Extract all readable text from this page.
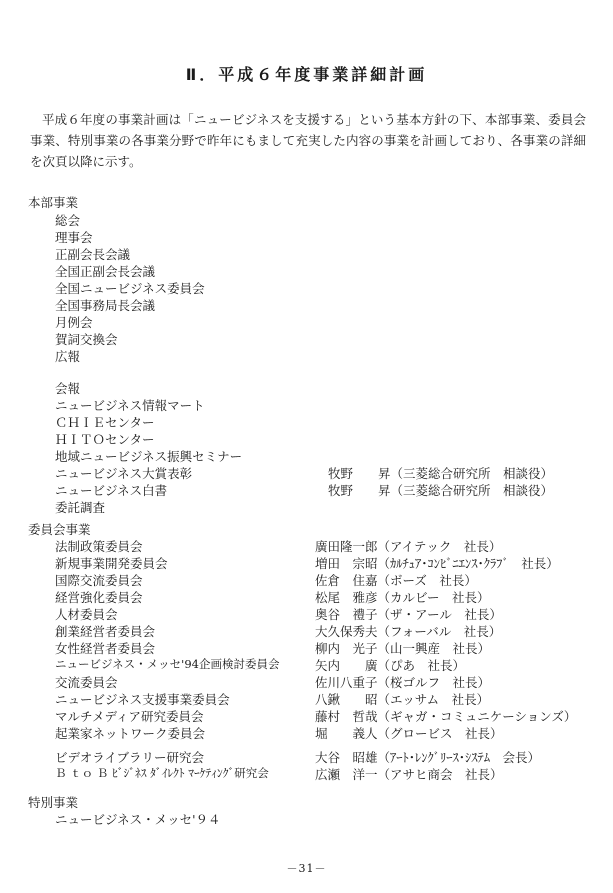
Ⅱ．平成６年度事業詳細計画

平成６年度の事業計画は「ニュービジネスを支援する」という基本方針の下、本部事業、委員会事業、特別事業の各事業分野で昨年にもまして充実した内容の事業を計画しており、各事業の詳細を次頁以降に示す。

本部事業
総会
理事会
正副会長会議
全国正副会長会議
全国ニュービジネス委員会
全国事務局長会議
月例会
賀詞交換会
広報
会報
ニュービジネス情報マート
ＣＨＩＥセンター
ＨＩＴＯセンター
地域ニュービジネス振興セミナー
ニュービジネス大賞表彰	牧野　　昇（三菱総合研究所　相談役）
ニュービジネス白書	牧野　　昇（三菱総合研究所　相談役）
委託調査
委員会事業
法制政策委員会	廣田隆一郎（アイテック　社長）
新規事業開発委員会	増田　宗昭（ｶﾙﾁｭｱ･ｺﾝﾋﾞﾆｴﾝｽ･ｸﾗﾌﾞ　社長）
国際交流委員会	佐倉　住嘉（ボーズ　社長）
経営強化委員会	松尾　雅彦（カルビー　社長）
人材委員会	奥谷　禮子（ザ・アール　社長）
創業経営者委員会	大久保秀夫（フォーバル　社長）
女性経営者委員会	柳内　光子（山一興産　社長）
ニュービジネス・メッセ'94企画検討委員会	矢内　　廣（ぴあ　社長）
交流委員会	佐川八重子（桜ゴルフ　社長）
ニュービジネス支援事業委員会	八鍬　　昭（エッサム　社長）
マルチメディア研究委員会	藤村　哲哉（ギャガ・コミュニケーションズ）
起業家ネットワーク委員会	堀　　義人（グロービス　社長）
ビデオライブラリー研究会	大谷　昭雄（ｱｰﾄ･ﾚﾝｸﾞﾘｰｽ･ｼｽﾃﾑ　会長）
Ｂ ｔｏ Ｂ ﾋﾞｼﾞﾈｽ ﾀﾞｲﾚｸﾄ ﾏｰｹﾃｨﾝｸﾞ研究会	広瀬　洋一（アサヒ商会　社長）
特別事業
ニュービジネス・メッセ'９４
－31－
